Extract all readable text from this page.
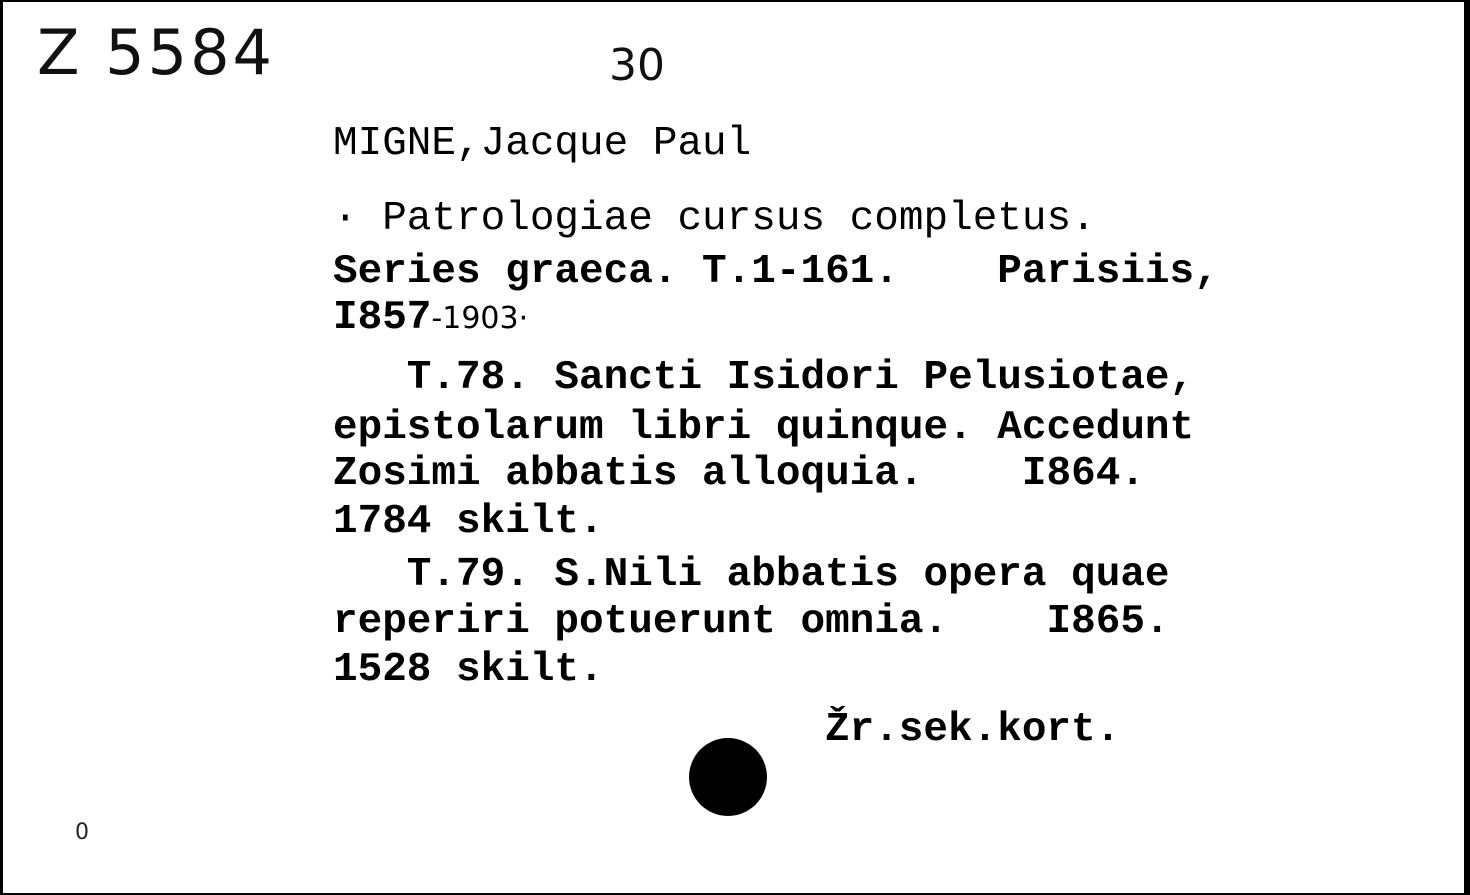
Z 5584	30
MIGNE,Jacque Paul
· Patrologiae cursus completus.
Series graeca. T.1-161.    Parisiis,
I857-1903·
T.78. Sancti Isidori Pelusiotae,
epistolarum libri quinque. Accedunt
Zosimi abbatis alloquia.    I864.
1784 skilt.
T.79. S.Nili abbatis opera quae
reperiri potuerunt omnia.    I865.
1528 skilt.
Žr.sek.kort.
0
